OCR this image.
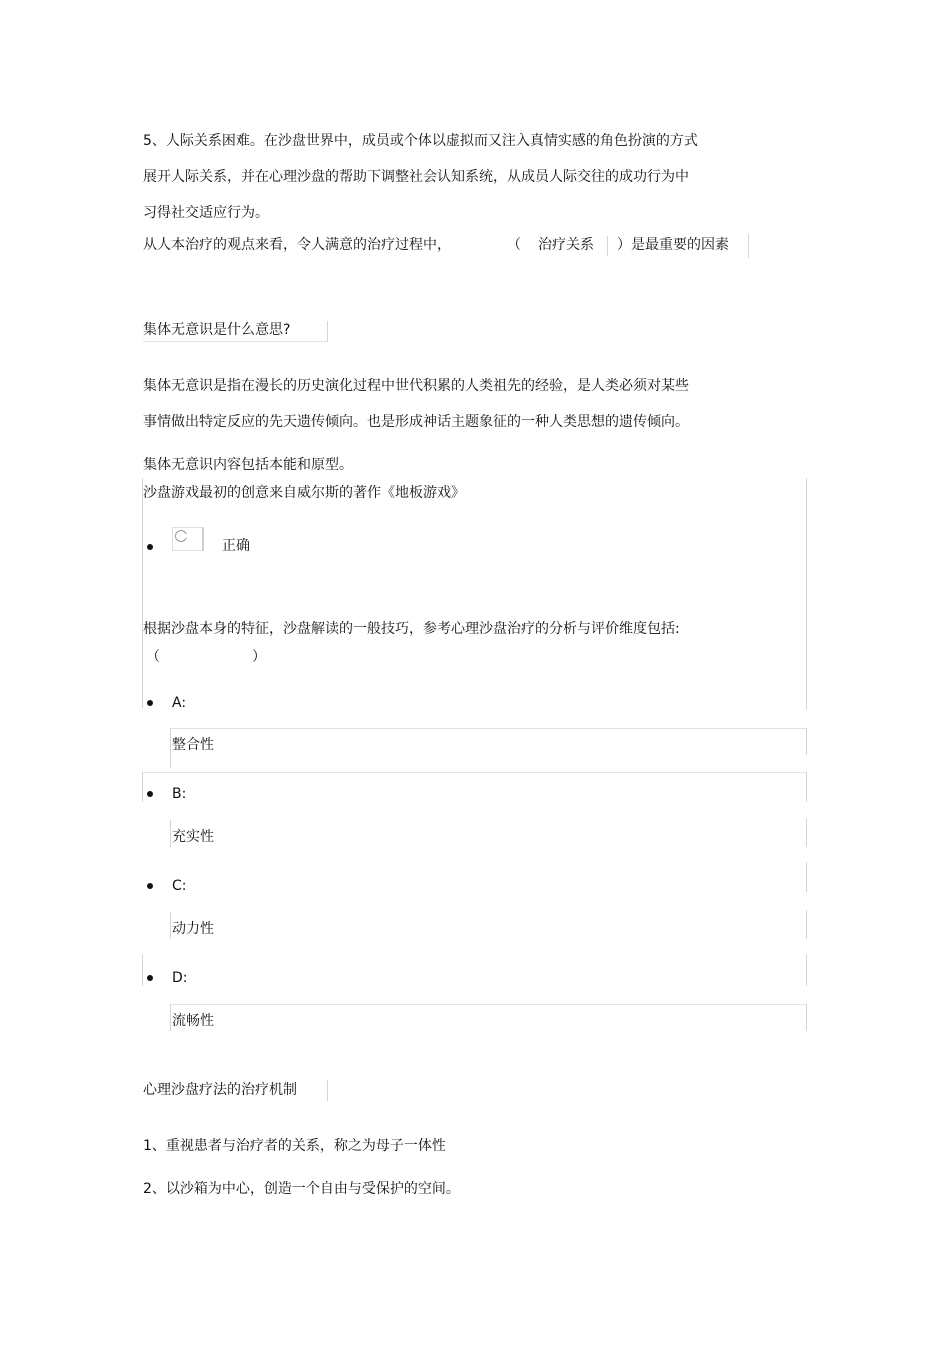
5、人际关系困难。在沙盘世界中，成员或个体以虚拟而又注入真情实感的角色扮演的方式
展开人际关系，并在心理沙盘的帮助下调整社会认知系统，从成员人际交往的成功行为中
习得社交适应行为。
从人本治疗的观点来看，令人满意的治疗过程中，	（ 治疗关系 ）是最重要的因素
集体无意识是什么意思?
集体无意识是指在漫长的历史演化过程中世代积累的人类祖先的经验，是人类必须对某些
事情做出特定反应的先天遗传倾向。也是形成神话主题象征的一种人类思想的遗传倾向。
集体无意识内容包括本能和原型。
沙盘游戏最初的创意来自威尔斯的著作《地板游戏》
正确
根据沙盘本身的特征，沙盘解读的一般技巧，参考心理沙盘治疗的分析与评价维度包括:
（	）
A:
整合性
B:
充实性
C:
动力性
D:
流畅性
心理沙盘疗法的治疗机制
1、重视患者与治疗者的关系，称之为母子一体性
2、以沙箱为中心，创造一个自由与受保护的空间。
